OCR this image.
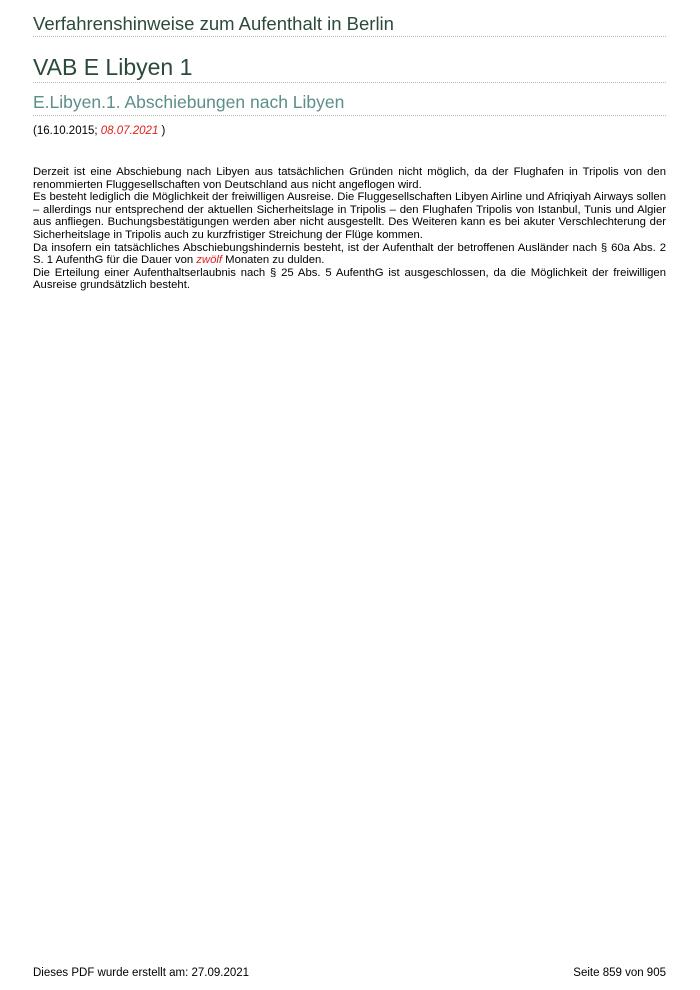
Verfahrenshinweise zum Aufenthalt in Berlin
VAB E Libyen 1
E.Libyen.1. Abschiebungen nach Libyen
(16.10.2015; 08.07.2021 )

Derzeit ist eine Abschiebung nach Libyen aus tatsächlichen Gründen nicht möglich, da der Flughafen in Tripolis von den renommierten Fluggesellschaften von Deutschland aus nicht angeflogen wird.

Es besteht lediglich die Möglichkeit der freiwilligen Ausreise. Die Fluggesellschaften Libyen Airline und Afriqiyah Airways sollen – allerdings nur entsprechend der aktuellen Sicherheitslage in Tripolis – den Flughafen Tripolis von Istanbul, Tunis und Algier aus anfliegen. Buchungsbestätigungen werden aber nicht ausgestellt. Des Weiteren kann es bei akuter Verschlechterung der Sicherheitslage in Tripolis auch zu kurzfristiger Streichung der Flüge kommen.

Da insofern ein tatsächliches Abschiebungshindernis besteht, ist der Aufenthalt der betroffenen Ausländer nach § 60a Abs. 2 S. 1 AufenthG für die Dauer von zwölf Monaten zu dulden.

Die Erteilung einer Aufenthaltserlaubnis nach § 25 Abs. 5 AufenthG ist ausgeschlossen, da die Möglichkeit der freiwilligen Ausreise grundsätzlich besteht.

Dieses PDF wurde erstellt am: 27.09.2021	Seite 859 von 905
